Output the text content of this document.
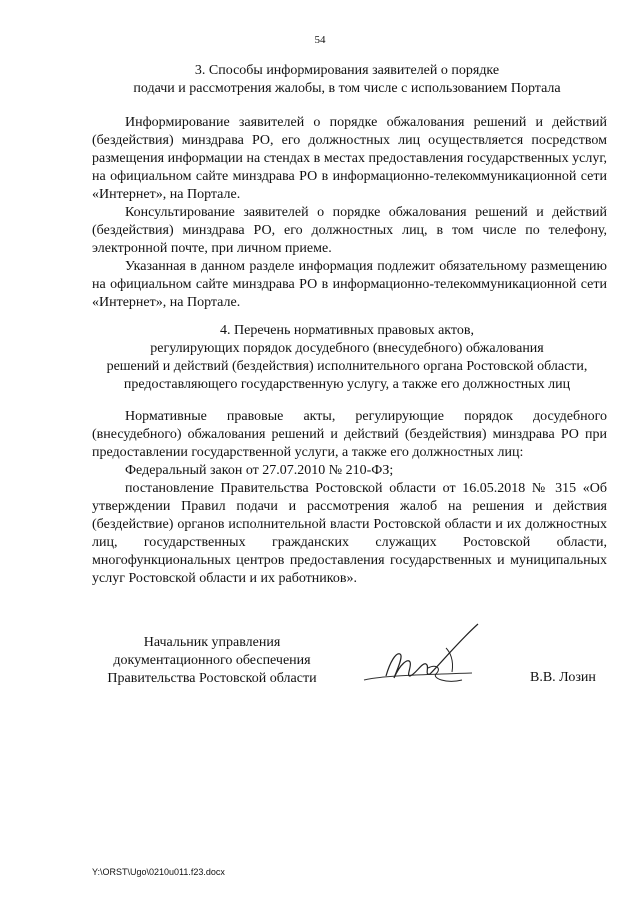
54
3. Способы информирования заявителей о порядке
подачи и рассмотрения жалобы, в том числе с использованием Портала

Информирование заявителей о порядке обжалования решений и действий (бездействия) минздрава РО, его должностных лиц осуществляется посредством размещения информации на стендах в местах предоставления государственных услуг, на официальном сайте минздрава РО в информационно-телекоммуникационной сети «Интернет», на Портале.

Консультирование заявителей о порядке обжалования решений и действий (бездействия) минздрава РО, его должностных лиц, в том числе по телефону, электронной почте, при личном приеме.

Указанная в данном разделе информация подлежит обязательному размещению на официальном сайте минздрава РО в информационно-телекоммуникационной сети «Интернет», на Портале.

4. Перечень нормативных правовых актов,
регулирующих порядок досудебного (внесудебного) обжалования
решений и действий (бездействия) исполнительного органа Ростовской области,
предоставляющего государственную услугу, а также его должностных лиц

Нормативные правовые акты, регулирующие порядок досудебного (внесудебного) обжалования решений и действий (бездействия) минздрава РО при предоставлении государственной услуги, а также его должностных лиц:

Федеральный закон от 27.07.2010 № 210-ФЗ;

постановление Правительства Ростовской области от 16.05.2018 № 315 «Об утверждении Правил подачи и рассмотрения жалоб на решения и действия (бездействие) органов исполнительной власти Ростовской области и их должностных лиц, государственных гражданских служащих Ростовской области, многофункциональных центров предоставления государственных и муниципальных услуг Ростовской области и их работников».

Начальник управления
документационного обеспечения
Правительства Ростовской области	В.В. Лозин
Y:\ORST\Ugo\0210u011.f23.docx
